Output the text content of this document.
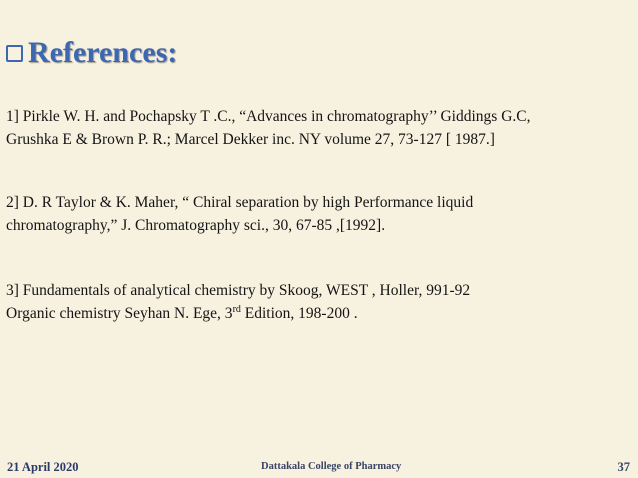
References:
1] Pirkle W. H. and Pochapsky T .C., “Advances in chromatography’’ Giddings G.C,
Grushka E & Brown P. R.; Marcel Dekker inc. NY volume 27, 73-127 [ 1987.]
2] D. R Taylor & K. Maher, “ Chiral separation by high Performance liquid
chromatography,” J. Chromatography sci., 30, 67-85 ,[1992].
3] Fundamentals of analytical chemistry by Skoog, WEST , Holler, 991-92
Organic chemistry Seyhan N. Ege, 3rd Edition, 198-200 .
21 April 2020	Dattakala College of Pharmacy	37
